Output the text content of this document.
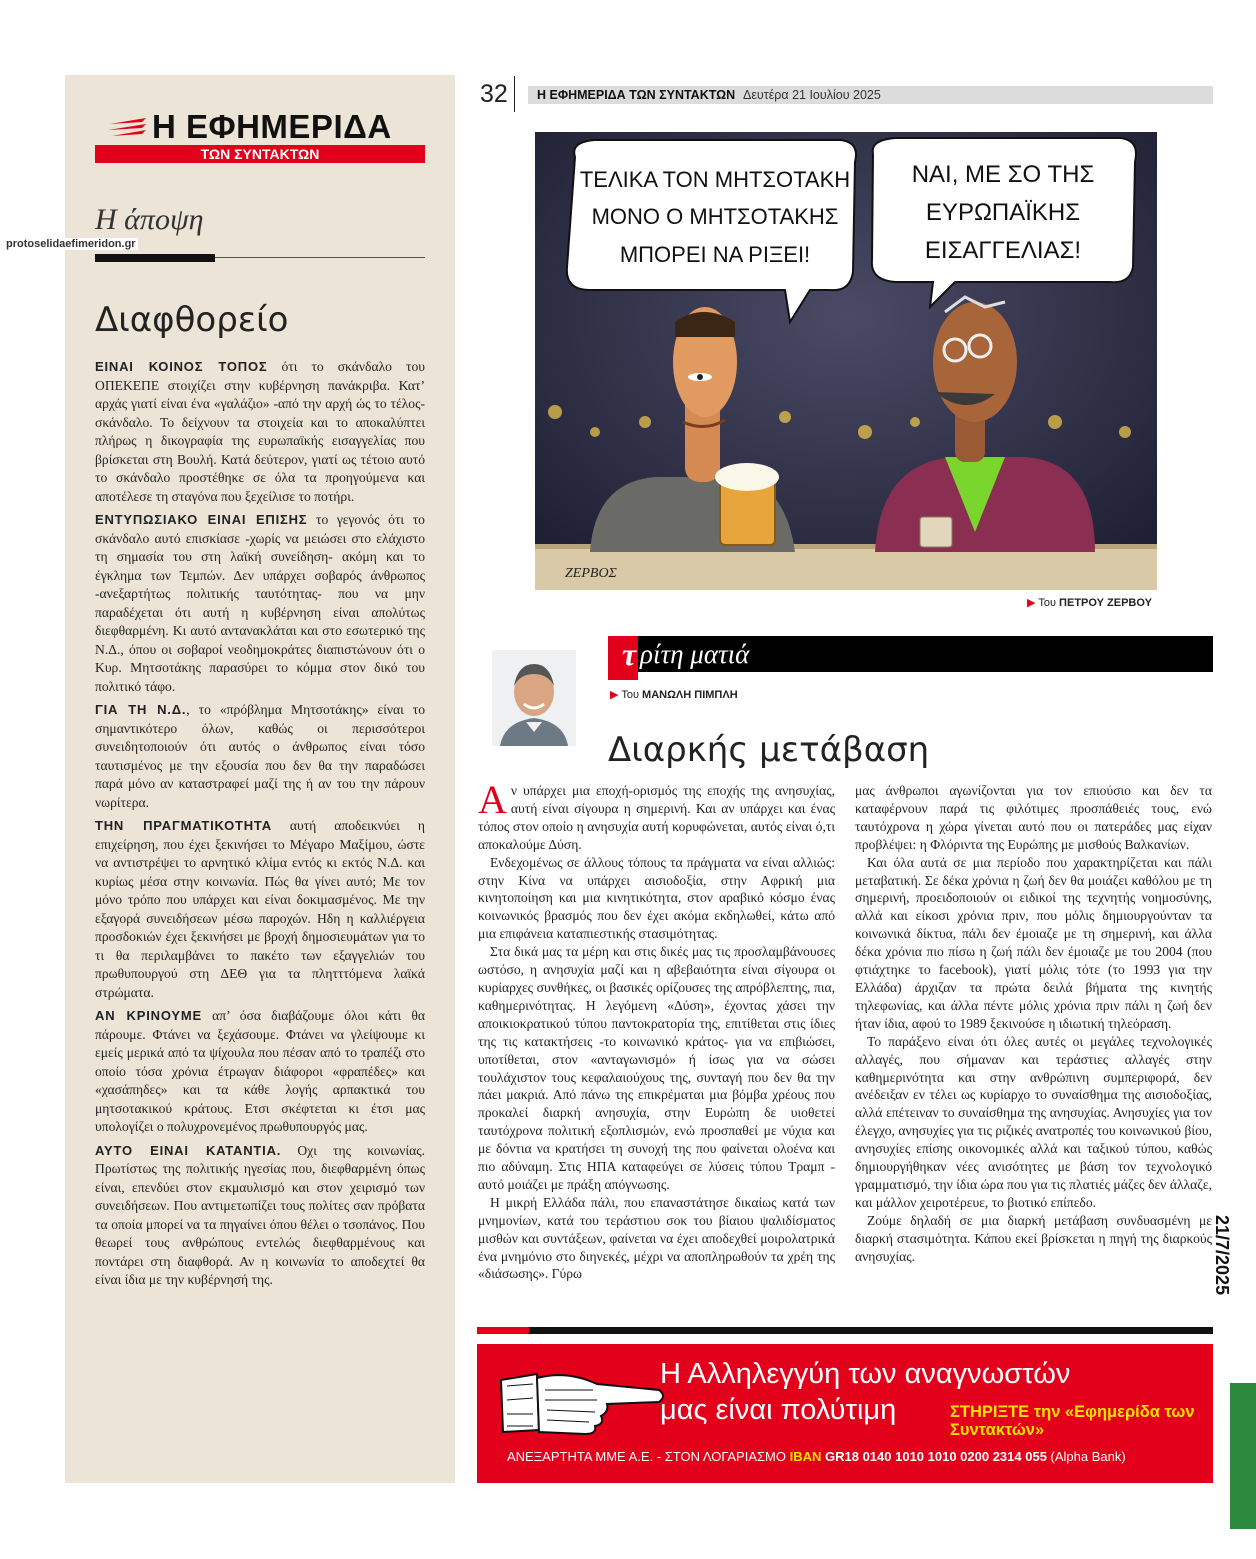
Η ΕΦΗΜΕΡΙΔΑ
ΤΩΝ ΣΥΝΤΑΚΤΩΝ
Η άποψη
protoselidaefimeridon.gr
Διαφθορείο

ΕΙΝΑΙ ΚΟΙΝΟΣ ΤΟΠΟΣ ότι το σκάνδαλο του ΟΠΕΚΕΠΕ στοιχίζει στην κυβέρνηση πανάκριβα. Κατ’ αρχάς γιατί είναι ένα «γαλάζιο» -από την αρχή ώς το τέλος- σκάνδαλο. Το δείχνουν τα στοιχεία και το αποκαλύπτει πλήρως η δικογραφία της ευρωπαϊκής εισαγγελίας που βρίσκεται στη Βουλή. Κατά δεύτερον, γιατί ως τέτοιο αυτό το σκάνδαλο προστέθηκε σε όλα τα προηγούμενα και αποτέλεσε τη σταγόνα που ξεχείλισε το ποτήρι.

ΕΝΤΥΠΩΣΙΑΚΟ ΕΙΝΑΙ ΕΠΙΣΗΣ το γεγονός ότι το σκάνδαλο αυτό επισκίασε -χωρίς να μειώσει στο ελάχιστο τη σημασία του στη λαϊκή συνείδηση- ακόμη και το έγκλημα των Τεμπών. Δεν υπάρχει σοβαρός άνθρωπος -ανεξαρτήτως πολιτικής ταυτότητας- που να μην παραδέχεται ότι αυτή η κυβέρνηση είναι απολύτως διεφθαρμένη. Κι αυτό αντανακλάται και στο εσωτερικό της Ν.Δ., όπου οι σοβαροί νεοδημοκράτες διαπιστώνουν ότι ο Κυρ. Μητσοτάκης παρασύρει το κόμμα στον δικό του πολιτικό τάφο.

ΓΙΑ ΤΗ Ν.Δ., το «πρόβλημα Μητσοτάκης» είναι το σημαντικότερο όλων, καθώς οι περισσότεροι συνειδητοποιούν ότι αυτός ο άνθρωπος είναι τόσο ταυτισμένος με την εξουσία που δεν θα την παραδώσει παρά μόνο αν καταστραφεί μαζί της ή αν του την πάρουν νωρίτερα.

ΤΗΝ ΠΡΑΓΜΑΤΙΚΟΤΗΤΑ αυτή αποδεικνύει η επιχείρηση, που έχει ξεκινήσει το Μέγαρο Μαξίμου, ώστε να αντιστρέψει το αρνητικό κλίμα εντός κι εκτός Ν.Δ. και κυρίως μέσα στην κοινωνία. Πώς θα γίνει αυτό; Με τον μόνο τρόπο που υπάρχει και είναι δοκιμασμένος. Με την εξαγορά συνειδήσεων μέσω παροχών. Ηδη η καλλιέργεια προσδοκιών έχει ξεκινήσει με βροχή δημοσιευμάτων για το τι θα περιλαμβάνει το πακέτο των εξαγγελιών του πρωθυπουργού στη ΔΕΘ για τα πλητττόμενα λαϊκά στρώματα.

ΑΝ ΚΡΙΝΟΥΜΕ απ’ όσα διαβάζουμε όλοι κάτι θα πάρουμε. Φτάνει να ξεχάσουμε. Φτάνει να γλείψουμε κι εμείς μερικά από τα ψίχουλα που πέσαν από το τραπέζι στο οποίο τόσα χρόνια έτρωγαν διάφοροι «φραπέδες» και «χασάπηδες» και τα κάθε λογής αρπακτικά του μητσοτακικού κράτους. Ετσι σκέφτεται κι έτσι μας υπολογίζει ο πολυχρονεμένος πρωθυπουργός μας.

ΑΥΤΟ ΕΙΝΑΙ ΚΑΤΑΝΤΙΑ. Οχι της κοινωνίας. Πρωτίστως της πολιτικής ηγεσίας που, διεφθαρμένη όπως είναι, επενδύει στον εκμαυλισμό και στον χειρισμό των συνειδήσεων. Που αντιμετωπίζει τους πολίτες σαν πρόβατα τα οποία μπορεί να τα πηγαίνει όπου θέλει ο τσοπάνος. Που θεωρεί τους ανθρώπους εντελώς διεφθαρμένους και ποντάρει στη διαφθορά. Αν η κοινωνία το αποδεχτεί θα είναι ίδια με την κυβέρνησή της.

32 Η ΕΦΗΜΕΡΙΔΑ ΤΩΝ ΣΥΝΤΑΚΤΩΝ Δευτέρα 21 Ιουλίου 2025
ΤΕΛΙΚΑ ΤΟΝ ΜΗΤΣΟΤΑΚΗ
ΜΟΝΟ Ο ΜΗΤΣΟΤΑΚΗΣ
ΜΠΟΡΕΙ ΝΑ ΡΙΞΕΙ!
ΝΑΙ, ΜΕ ΣΟ ΤΗΣ
ΕΥΡΩΠΑΪΚΗΣ
ΕΙΣΑΓΓΕΛΙΑΣ!
ΖΕΡΒΟΣ
▶ Του ΠΕΤΡΟΥ ΖΕΡΒΟΥ
τ ρίτη ματιά
▶ Του ΜΑΝΩΛΗ ΠΙΜΠΛΗ
Διαρκής μετάβαση

Αν υπάρχει μια εποχή-ορισμός της εποχής της ανησυχίας, αυτή είναι σίγουρα η σημερινή. Και αν υπάρχει και ένας τόπος στον οποίο η ανησυχία αυτή κορυφώνεται, αυτός είναι ό,τι αποκαλούμε Δύση.

Ενδεχομένως σε άλλους τόπους τα πράγματα να είναι αλλιώς: στην Κίνα να υπάρχει αισιοδοξία, στην Αφρική μια κινητοποίηση και μια κινητικότητα, στον αραβικό κόσμο ένας κοινωνικός βρασμός που δεν έχει ακόμα εκδηλωθεί, κάτω από μια επιφάνεια καταπιεστικής στασιμότητας.

Στα δικά μας τα μέρη και στις δικές μας τις προσλαμβάνουσες ωστόσο, η ανησυχία μαζί και η αβεβαιότητα είναι σίγουρα οι κυρίαρχες συνθήκες, οι βασικές ορίζουσες της απρόβλεπτης, πια, καθημερινότητας. Η λεγόμενη «Δύση», έχοντας χάσει την αποικιοκρατικού τύπου παντοκρατορία της, επιτίθεται στις ίδιες της τις κατακτήσεις -το κοινωνικό κράτος- για να επιβιώσει, υποτίθεται, στον «ανταγωνισμό» ή ίσως για να σώσει τουλάχιστον τους κεφαλαιούχους της, συνταγή που δεν θα την πάει μακριά. Από πάνω της επικρέμαται μια βόμβα χρέους που προκαλεί διαρκή ανησυχία, στην Ευρώπη δε υιοθετεί ταυτόχρονα πολιτική εξοπλισμών, ενώ προσπαθεί με νύχια και με δόντια να κρατήσει τη συνοχή της που φαίνεται ολοένα και πιο αδύναμη. Στις ΗΠΑ καταφεύγει σε λύσεις τύπου Τραμπ - αυτό μοιάζει με πράξη απόγνωσης.

Η μικρή Ελλάδα πάλι, που επαναστάτησε δικαίως κατά των μνημονίων, κατά του τεράστιου σοκ του βίαιου ψαλιδίσματος μισθών και συντάξεων, φαίνεται να έχει αποδεχθεί μοιρολατρικά ένα μνημόνιο στο διηνεκές, μέχρι να αποπληρωθούν τα χρέη της «διάσωσης». Γύρω

μας άνθρωποι αγωνίζονται για τον επιούσιο και δεν τα καταφέρνουν παρά τις φιλότιμες προσπάθειές τους, ενώ ταυτόχρονα η χώρα γίνεται αυτό που οι πατεράδες μας είχαν προβλέψει: η Φλόριντα της Ευρώπης με μισθούς Βαλκανίων.

Και όλα αυτά σε μια περίοδο που χαρακτηρίζεται και πάλι μεταβατική. Σε δέκα χρόνια η ζωή δεν θα μοιάζει καθόλου με τη σημερινή, προειδοποιούν οι ειδικοί της τεχνητής νοημοσύνης, αλλά και είκοσι χρόνια πριν, που μόλις δημιουργούνταν τα κοινωνικά δίκτυα, πάλι δεν έμοιαζε με τη σημερινή, και άλλα δέκα χρόνια πιο πίσω η ζωή πάλι δεν έμοιαζε με του 2004 (που φτιάχτηκε το facebook), γιατί μόλις τότε (το 1993 για την Ελλάδα) άρχιζαν τα πρώτα δειλά βήματα της κινητής τηλεφωνίας, και άλλα πέντε μόλις χρόνια πριν πάλι η ζωή δεν ήταν ίδια, αφού το 1989 ξεκινούσε η ιδιωτική τηλεόραση.

Το παράξενο είναι ότι όλες αυτές οι μεγάλες τεχνολογικές αλλαγές, που σήμαναν και τεράστιες αλλαγές στην καθημερινότητα και στην ανθρώπινη συμπεριφορά, δεν ανέδειξαν εν τέλει ως κυρίαρχο το συναίσθημα της αισιοδοξίας, αλλά επέτειναν το συναίσθημα της ανησυχίας. Ανησυχίες για τον έλεγχο, ανησυχίες για τις ριζικές ανατροπές του κοινωνικού βίου, ανησυχίες επίσης οικονομικές αλλά και ταξικού τύπου, καθώς δημιουργήθηκαν νέες ανισότητες με βάση τον τεχνολογικό γραμματισμό, την ίδια ώρα που για τις πλατιές μάζες δεν άλλαζε, και μάλλον χειροτέρευε, το βιοτικό επίπεδο.

Ζούμε δηλαδή σε μια διαρκή μετάβαση συνδυασμένη με διαρκή στασιμότητα. Κάπου εκεί βρίσκεται η πηγή της διαρκούς ανησυχίας.

Η Αλληλεγγύη των αναγνωστών
μας είναι πολύτιμη	ΣΤΗΡΙΞΤΕ την «Εφημερίδα των Συντακτών»
ΑΝΕΞΑΡΤΗΤΑ ΜΜΕ Α.Ε. - ΣΤΟΝ ΛΟΓΑΡΙΑΣΜΟ IBAN GR18 0140 1010 1010 0200 2314 055 (Alpha Bank)
21/7/2025
